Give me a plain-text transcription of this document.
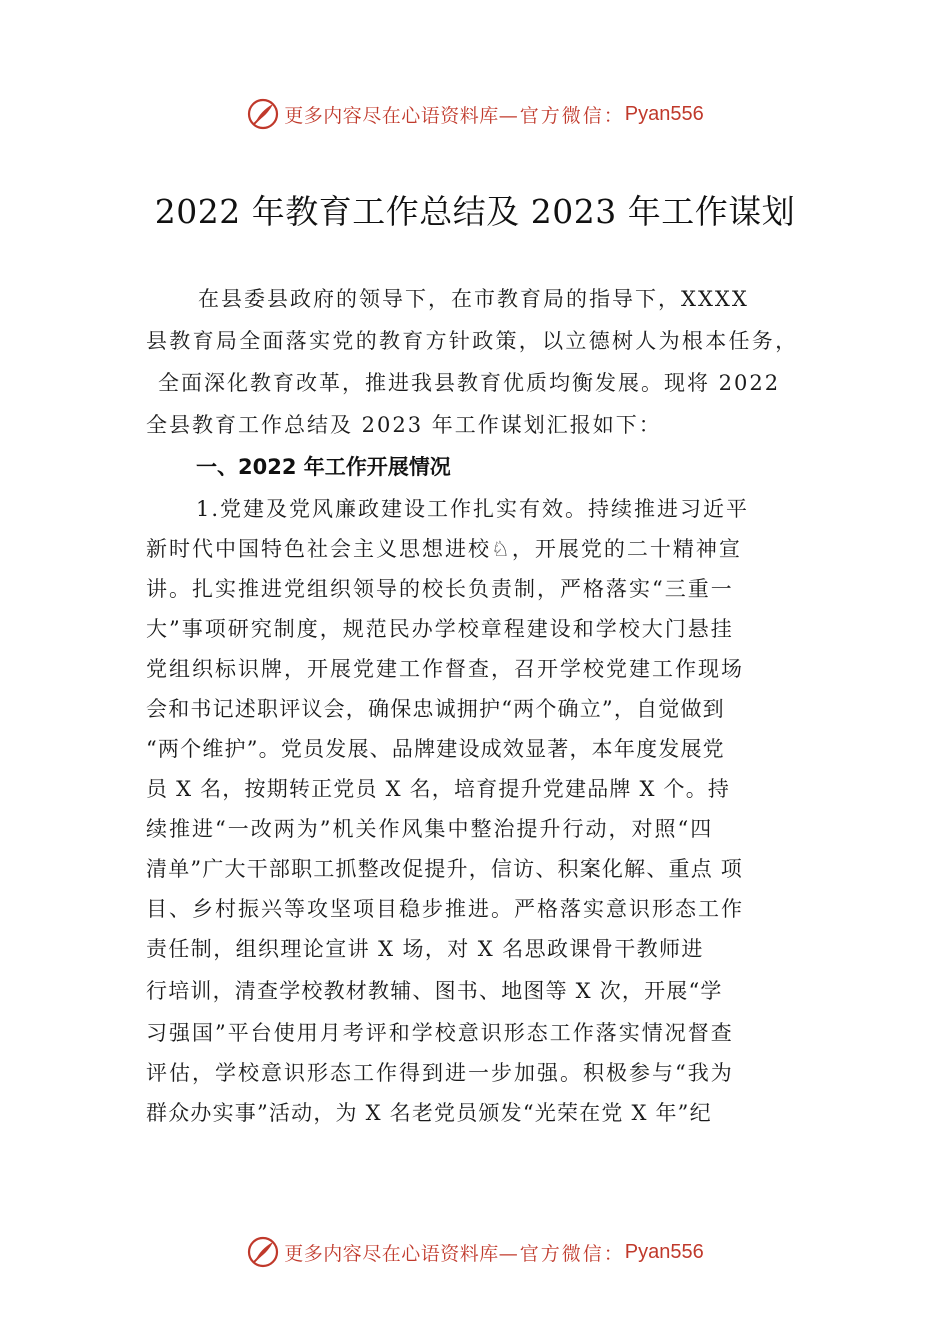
更多内容尽在心语资料库 —官方微信： Pyan556
2022 年教育工作总结及 2023 年工作谋划
在县委县政府的领导下，在市教育局的指导下，XXXX
县教育局全面落实党的教育方针政策，以立德树人为根本任务，
全面深化教育改革，推进我县教育优质均衡发展。现将 2022
全县教育工作总结及 2023 年工作谋划汇报如下：
一、2022 年工作开展情况
1.党建及党风廉政建设工作扎实有效。持续推进习近平
新时代中国特色社会主义思想进校♘，开展党的二十精神宣
讲。扎实推进党组织领导的校长负责制，严格落实“三重一
大”事项研究制度，规范民办学校章程建设和学校大门悬挂
党组织标识牌，开展党建工作督查，召开学校党建工作现场
会和书记述职评议会，确保忠诚拥护“两个确立”，自觉做到
“两个维护”。党员发展、品牌建设成效显著，本年度发展党
员 X 名，按期转正党员 X 名，培育提升党建品牌 X 个。持
续推进“一改两为”机关作风集中整治提升行动，对照“四
清单”广大干部职工抓整改促提升，信访、积案化解、重点 项
目、乡村振兴等攻坚项目稳步推进。严格落实意识形态工作
责任制，组织理论宣讲 X 场，对 X 名思政课骨干教师进
行培训，清查学校教材教辅、图书、地图等 X 次，开展“学
习强国”平台使用月考评和学校意识形态工作落实情况督查
评估，学校意识形态工作得到进一步加强。积极参与“我为
群众办实事”活动，为 X 名老党员颁发“光荣在党 X 年”纪
更多内容尽在心语资料库 —官方微信： Pyan556
